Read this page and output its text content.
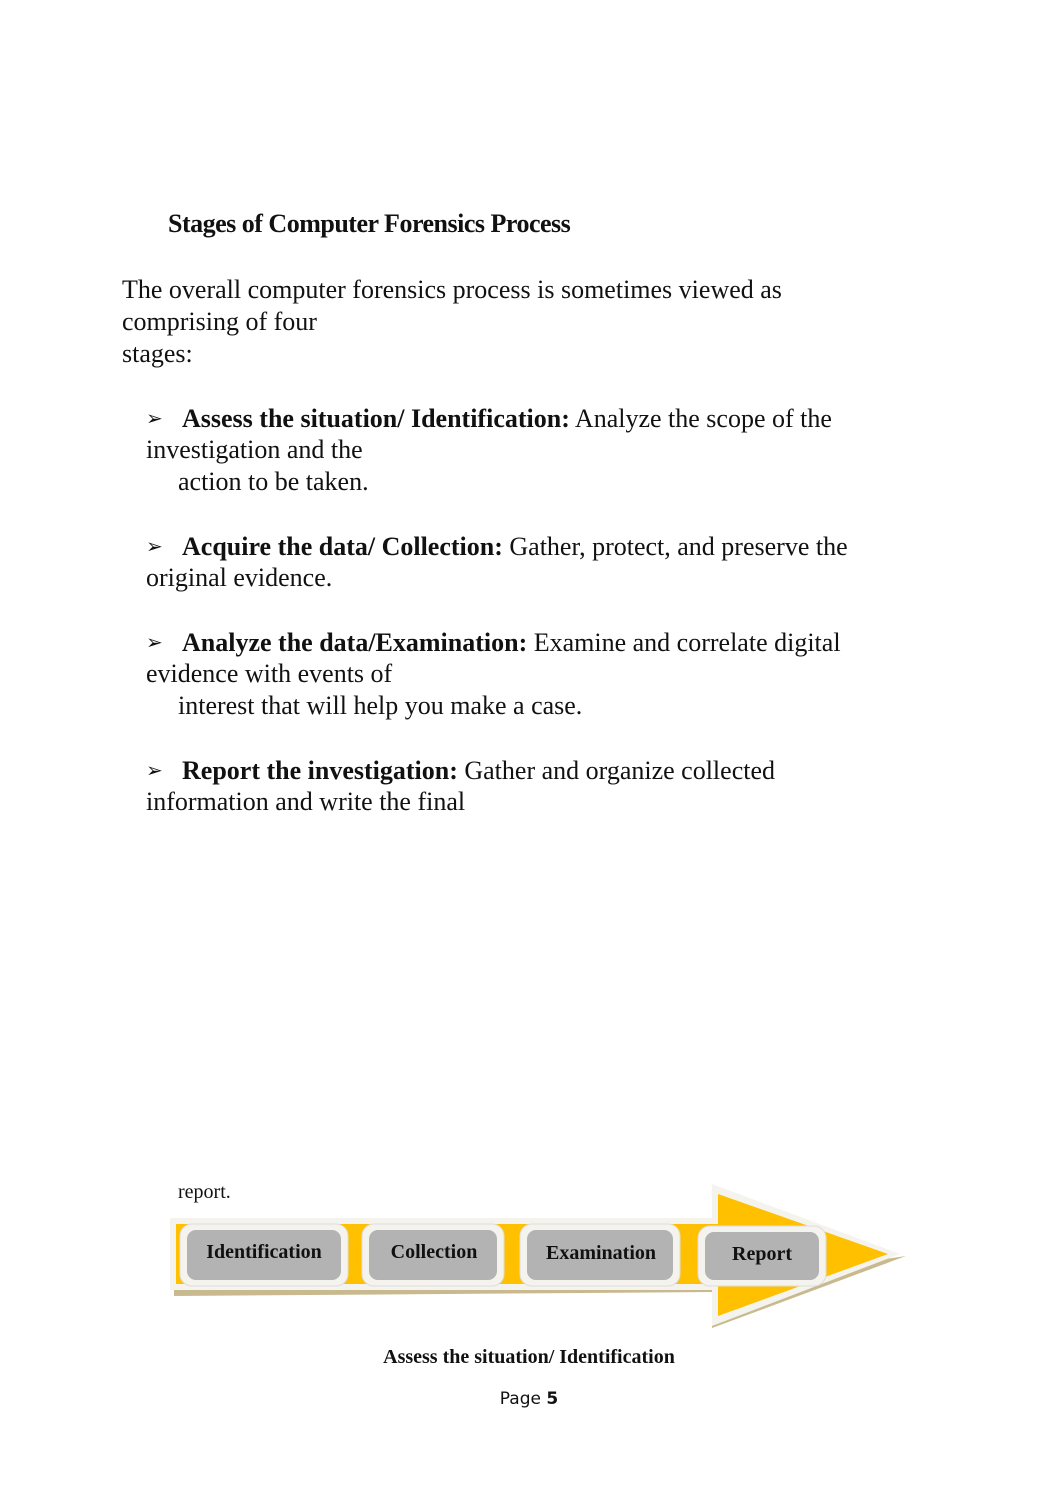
Stages of Computer Forensics Process
The overall computer forensics process is sometimes viewed as
comprising of four
stages:
➢ Assess the situation/ Identification: Analyze the scope of the
investigation and the
action to be taken.
➢ Acquire the data/ Collection: Gather, protect, and preserve the
original evidence.
➢ Analyze the data/Examination: Examine and correlate digital
evidence with events of
interest that will help you make a case.
➢ Report the investigation: Gather and organize collected
information and write the final
report.
Identification	Collection	Examination	Report
Assess the situation/ Identification
Page 5
